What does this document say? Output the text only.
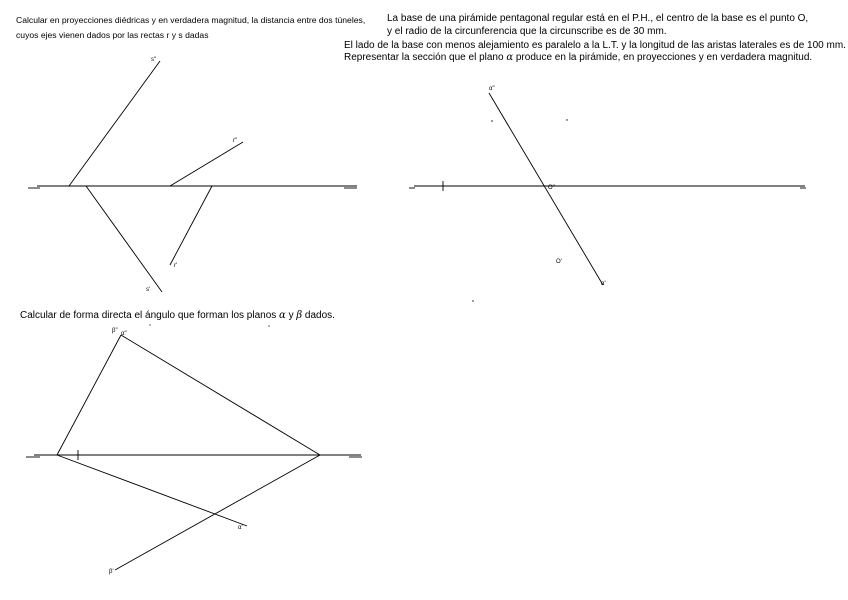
Calcular en proyecciones diédricas y en verdadera magnitud, la distancia entre dos túneles,
cuyos ejes vienen dados por las rectas r y s dadas
La base de una pirámide pentagonal regular está en el P.H., el centro de la base es el punto O,
y el radio de la circunferencia que la circunscribe es de 30 mm.
El lado de la base con menos alejamiento es paralelo a la L.T. y la longitud de las aristas laterales es de 100 mm.
Representar la sección que el plano α produce en la pirámide, en proyecciones y en verdadera magnitud.
Calcular de forma directa el ángulo que forman los planos α y β dados.
s"
r"
r'
s'
α"
O"
O'
α'
β" α"
α'
β'
